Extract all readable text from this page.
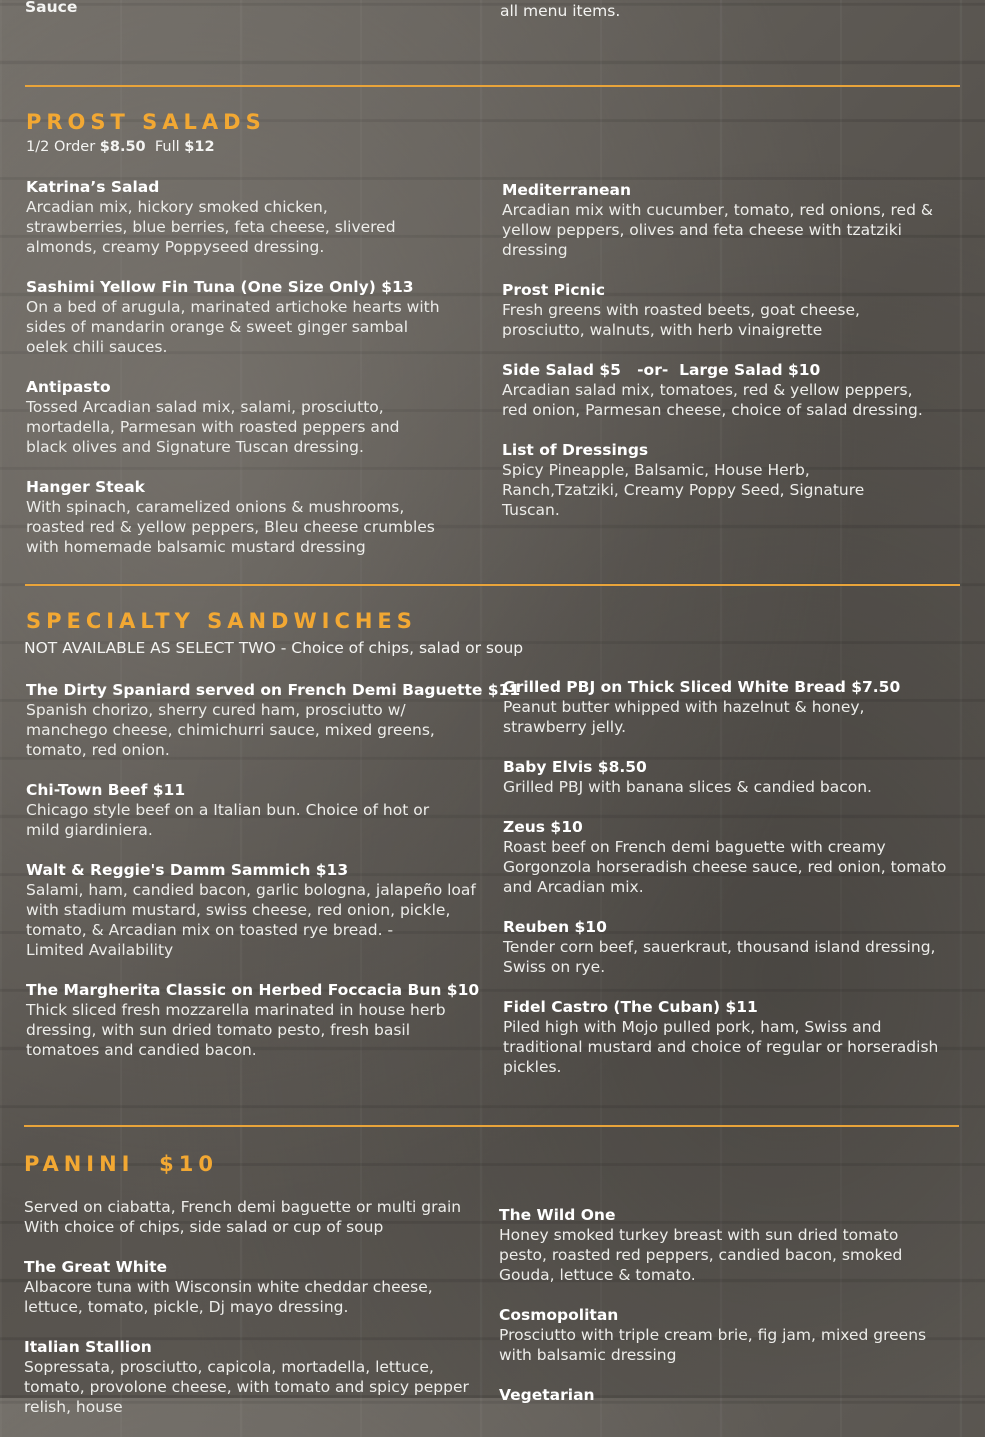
Sauce	all menu items.
PROST SALADS
1/2 Order $8.50 Full $12
Katrina’s Salad
Arcadian mix, hickory smoked chicken, strawberries, blue berries, feta cheese, slivered almonds, creamy Poppyseed dressing.
Sashimi Yellow Fin Tuna (One Size Only) $13
On a bed of arugula, marinated artichoke hearts with sides of mandarin orange & sweet ginger sambal oelek chili sauces.
Antipasto
Tossed Arcadian salad mix, salami, prosciutto, mortadella, Parmesan with roasted peppers and black olives and Signature Tuscan dressing.
Hanger Steak
With spinach, caramelized onions & mushrooms, roasted red & yellow peppers, Bleu cheese crumbles with homemade balsamic mustard dressing
Mediterranean
Arcadian mix with cucumber, tomato, red onions, red & yellow peppers, olives and feta cheese with tzatziki dressing
Prost Picnic
Fresh greens with roasted beets, goat cheese, prosciutto, walnuts, with herb vinaigrette
Side Salad $5   -or-  Large Salad $10
Arcadian salad mix, tomatoes, red & yellow peppers, red onion, Parmesan cheese, choice of salad dressing.
List of Dressings
Spicy Pineapple, Balsamic, House Herb, Ranch,Tzatziki, Creamy Poppy Seed, Signature Tuscan.
SPECIALTY SANDWICHES
NOT AVAILABLE AS SELECT TWO - Choice of chips, salad or soup
The Dirty Spaniard served on French Demi Baguette $11
Spanish chorizo, sherry cured ham, prosciutto w/ manchego cheese, chimichurri sauce, mixed greens, tomato, red onion.
Chi-Town Beef $11
Chicago style beef on a Italian bun. Choice of hot or mild giardiniera.
Walt & Reggie's Damm Sammich $13
Salami, ham, candied bacon, garlic bologna, jalapeño loaf with stadium mustard, swiss cheese, red onion, pickle, tomato, & Arcadian mix on toasted rye bread. -
Limited Availability
The Margherita Classic on Herbed Foccacia Bun $10
Thick sliced fresh mozzarella marinated in house herb dressing, with sun dried tomato pesto, fresh basil tomatoes and candied bacon.
Grilled PBJ on Thick Sliced White Bread $7.50
Peanut butter whipped with hazelnut & honey, strawberry jelly.
Baby Elvis $8.50
Grilled PBJ with banana slices & candied bacon.
Zeus $10
Roast beef on French demi baguette with creamy Gorgonzola horseradish cheese sauce, red onion, tomato and Arcadian mix.
Reuben $10
Tender corn beef, sauerkraut, thousand island dressing, Swiss on rye.
Fidel Castro (The Cuban) $11
Piled high with Mojo pulled pork, ham, Swiss and traditional mustard and choice of regular or horseradish pickles.
PANINI  $10
Served on ciabatta, French demi baguette or multi grain
With choice of chips, side salad or cup of soup
The Great White
Albacore tuna with Wisconsin white cheddar cheese, lettuce, tomato, pickle, Dj mayo dressing.
Italian Stallion
Sopressata, prosciutto, capicola, mortadella, lettuce, tomato, provolone cheese, with tomato and spicy pepper relish, house
The Wild One
Honey smoked turkey breast with sun dried tomato pesto, roasted red peppers, candied bacon, smoked Gouda, lettuce & tomato.
Cosmopolitan
Prosciutto with triple cream brie, fig jam, mixed greens with balsamic dressing
Vegetarian
